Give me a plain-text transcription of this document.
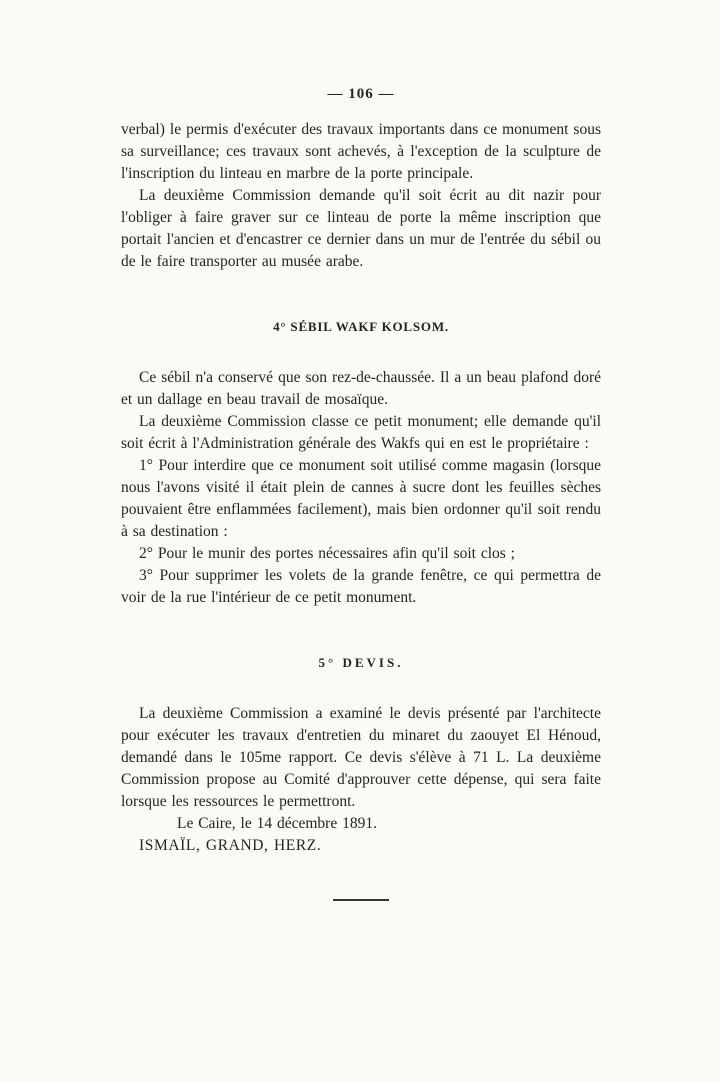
— 106 —

verbal) le permis d'exécuter des travaux importants dans ce monument sous sa surveillance; ces travaux sont achevés, à l'exception de la sculpture de l'inscription du linteau en marbre de la porte principale.

La deuxième Commission demande qu'il soit écrit au dit nazir pour l'obliger à faire graver sur ce linteau de porte la même inscription que portait l'ancien et d'encastrer ce dernier dans un mur de l'entrée du sébil ou de le faire transporter au musée arabe.

4° SÉBIL WAKF KOLSOM.

Ce sébil n'a conservé que son rez-de-chaussée. Il a un beau plafond doré et un dallage en beau travail de mosaïque.

La deuxième Commission classe ce petit monument; elle demande qu'il soit écrit à l'Administration générale des Wakfs qui en est le propriétaire :

1° Pour interdire que ce monument soit utilisé comme magasin (lorsque nous l'avons visité il était plein de cannes à sucre dont les feuilles sèches pouvaient être enflammées facilement), mais bien ordonner qu'il soit rendu à sa destination :

2° Pour le munir des portes nécessaires afin qu'il soit clos ;

3° Pour supprimer les volets de la grande fenêtre, ce qui permettra de voir de la rue l'intérieur de ce petit monument.

5° DEVIS.

La deuxième Commission a examiné le devis présenté par l'architecte pour exécuter les travaux d'entretien du minaret du zaouyet El Hénoud, demandé dans le 105me rapport. Ce devis s'élève à 71 L. La deuxième Commission propose au Comité d'approuver cette dépense, qui sera faite lorsque les ressources le permettront.

Le Caire, le 14 décembre 1891.

ISMAÏL, GRAND, HERZ.
